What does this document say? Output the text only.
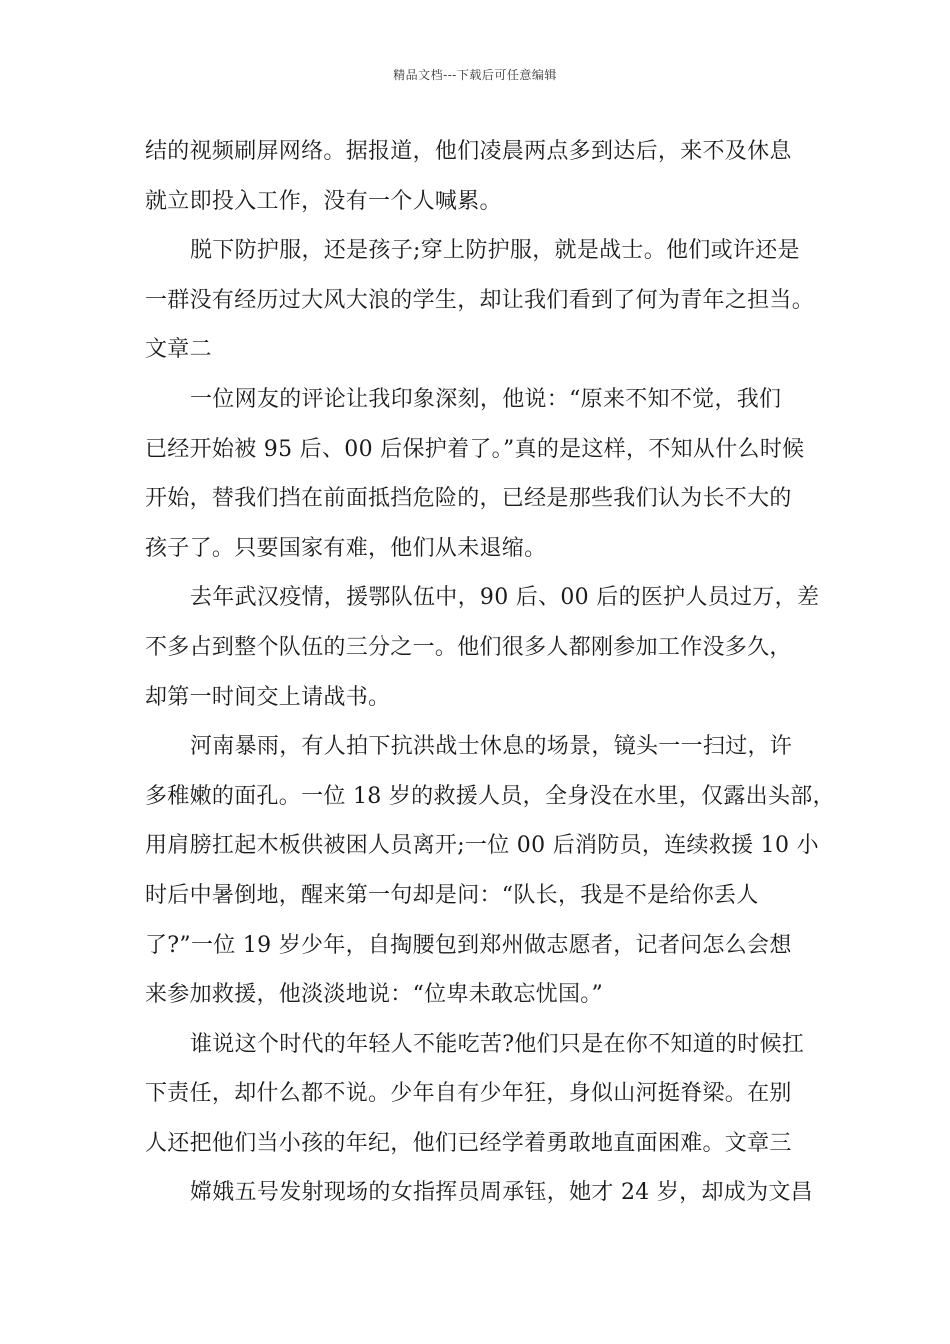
精品文档---下载后可任意编辑
结的视频刷屏网络。据报道，他们凌晨两点多到达后，来不及休息
就立即投入工作，没有一个人喊累。
脱下防护服，还是孩子;穿上防护服，就是战士。他们或许还是
一群没有经历过大风大浪的学生，却让我们看到了何为青年之担当。
文章二
一位网友的评论让我印象深刻，他说：“原来不知不觉，我们
已经开始被 95 后、00 后保护着了。”真的是这样，不知从什么时候
开始，替我们挡在前面抵挡危险的，已经是那些我们认为长不大的
孩子了。只要国家有难，他们从未退缩。
去年武汉疫情，援鄂队伍中，90 后、00 后的医护人员过万，差
不多占到整个队伍的三分之一。他们很多人都刚参加工作没多久，
却第一时间交上请战书。
河南暴雨，有人拍下抗洪战士休息的场景，镜头一一扫过，许
多稚嫩的面孔。一位 18 岁的救援人员，全身没在水里，仅露出头部，
用肩膀扛起木板供被困人员离开;一位 00 后消防员，连续救援 10 小
时后中暑倒地，醒来第一句却是问：“队长，我是不是给你丢人
了?”一位 19 岁少年，自掏腰包到郑州做志愿者，记者问怎么会想
来参加救援，他淡淡地说：“位卑未敢忘忧国。”
谁说这个时代的年轻人不能吃苦?他们只是在你不知道的时候扛
下责任，却什么都不说。少年自有少年狂，身似山河挺脊梁。在别
人还把他们当小孩的年纪，他们已经学着勇敢地直面困难。文章三
嫦娥五号发射现场的女指挥员周承钰，她才 24 岁，却成为文昌
